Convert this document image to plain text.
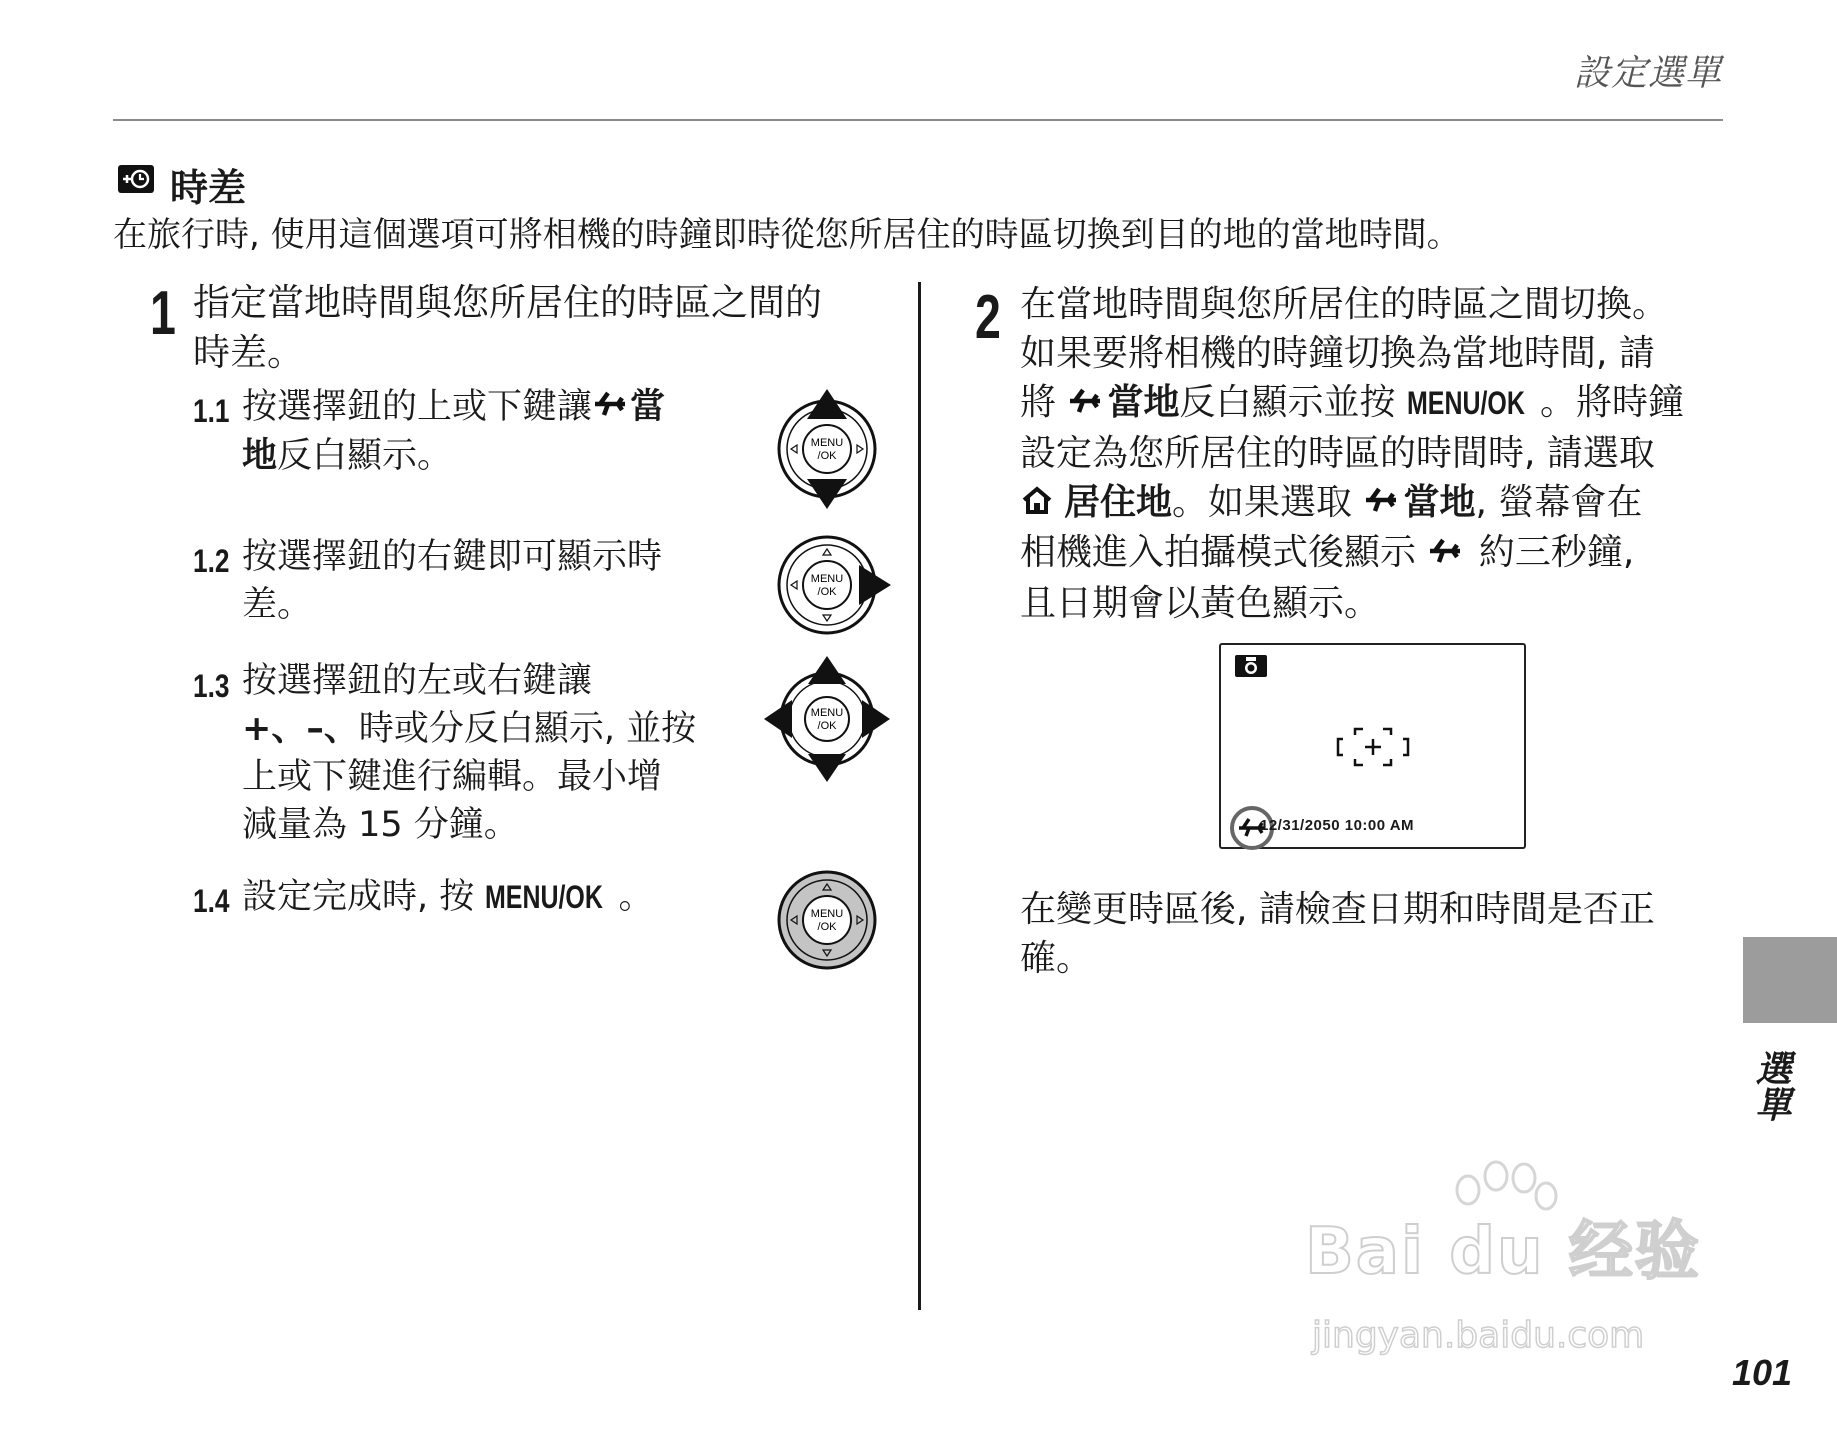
設定選單
時差
在旅行時, 使用這個選項可將相機的時鐘即時從您所居住的時區切換到目的地的當地時間。
1 指定當地時間與您所居住的時區之間的
時差。
1.1 按選擇鈕的上或下鍵讓 當
地反白顯示。
1.2 按選擇鈕的右鍵即可顯示時
差。
1.3 按選擇鈕的左或右鍵讓
+、–、時或分反白顯示, 並按
上或下鍵進行編輯。最小增
減量為 15 分鐘。
1.4 設定完成時, 按 MENU/OK 。
MENU
/OK
MENU
/OK
MENU
/OK
MENU
/OK
2 在當地時間與您所居住的時區之間切換。
如果要將相機的時鐘切換為當地時間, 請
將 當地反白顯示並按 MENU/OK 。將時鐘
設定為您所居住的時區的時間時, 請選取
居住地。如果選取 當地, 螢幕會在
相機進入拍攝模式後顯示  約三秒鐘,
且日期會以黃色顯示。
12/31/2050 10:00 AM
在變更時區後, 請檢查日期和時間是否正
確。
選單
Bai du 经验
jingyan.baidu.com
101
